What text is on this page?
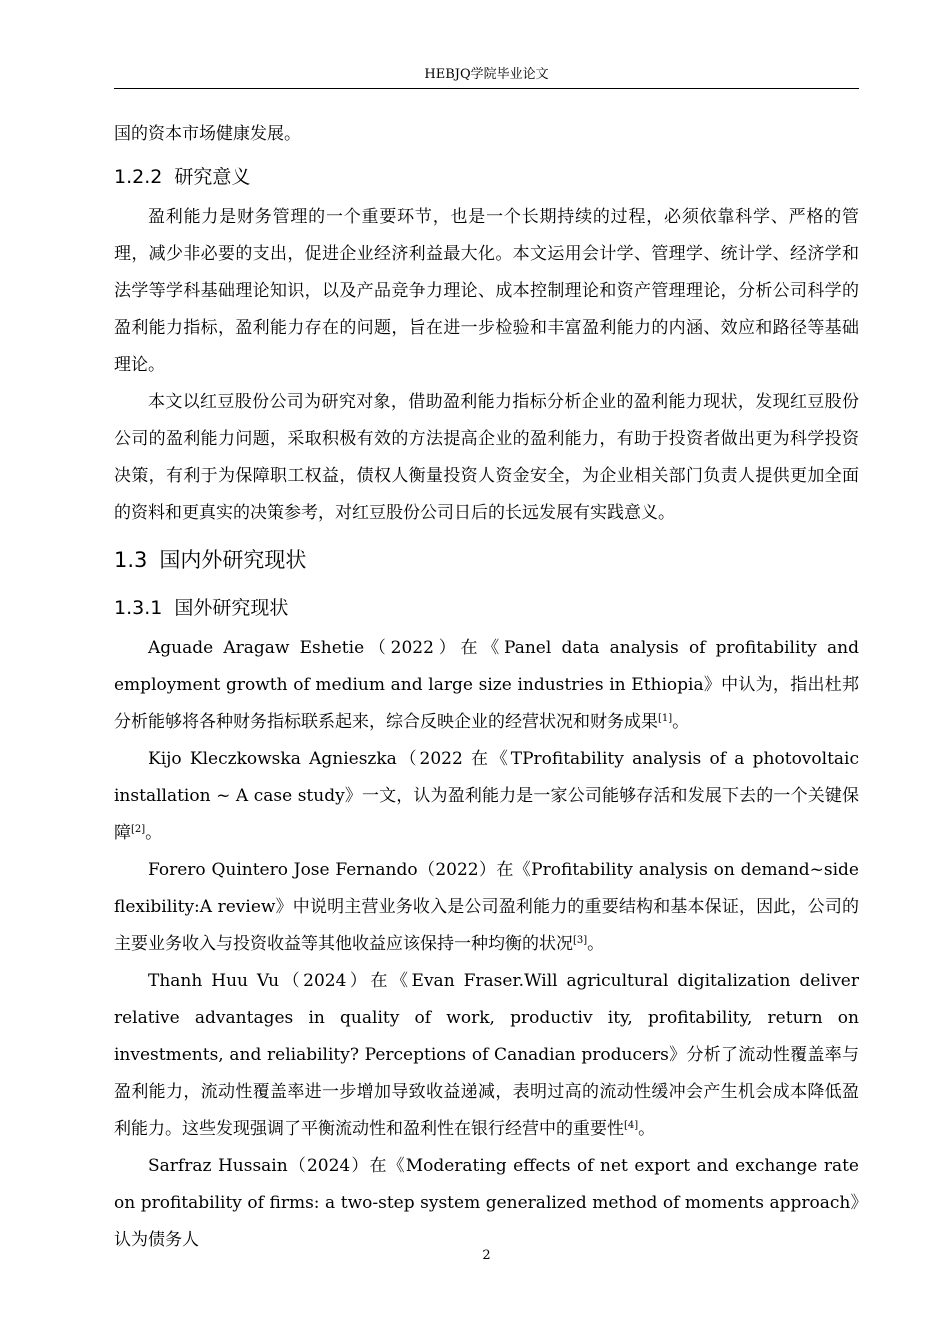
HEBJQ学院毕业论文

国的资本市场健康发展。

1.2.2 研究意义

盈利能力是财务管理的一个重要环节，也是一个长期持续的过程，必须依靠科学、严格的管理，减少非必要的支出，促进企业经济利益最大化。本文运用会计学、管理学、统计学、经济学和法学等学科基础理论知识，以及产品竞争力理论、成本控制理论和资产管理理论，分析公司科学的盈利能力指标，盈利能力存在的问题，旨在进一步检验和丰富盈利能力的内涵、效应和路径等基础理论。

本文以红豆股份公司为研究对象，借助盈利能力指标分析企业的盈利能力现状，发现红豆股份公司的盈利能力问题，采取积极有效的方法提高企业的盈利能力，有助于投资者做出更为科学投资决策，有利于为保障职工权益，债权人衡量投资人资金安全，为企业相关部门负责人提供更加全面的资料和更真实的决策参考，对红豆股份公司日后的长远发展有实践意义。

1.3 国内外研究现状
1.3.1 国外研究现状

Aguade Aragaw Eshetie（2022）在《Panel data analysis of profitability and employment growth of medium and large size industries in Ethiopia》中认为，指出杜邦分析能够将各种财务指标联系起来，综合反映企业的经营状况和财务成果[1]。

Kijo Kleczkowska Agnieszka（2022 在《TProfitability analysis of a photovoltaic installation ~ A case study》一文，认为盈利能力是一家公司能够存活和发展下去的一个关键保障[2]。

Forero Quintero Jose Fernando（2022）在《Profitability analysis on demand~side flexibility:A review》中说明主营业务收入是公司盈利能力的重要结构和基本保证，因此，公司的主要业务收入与投资收益等其他收益应该保持一种均衡的状况[3]。

Thanh Huu Vu（2024）在《Evan Fraser.Will agricultural digitalization deliver relative advantages in quality of work, productiv ity, profitability, return on investments, and reliability? Perceptions of Canadian producers》分析了流动性覆盖率与盈利能力，流动性覆盖率进一步增加导致收益递减，表明过高的流动性缓冲会产生机会成本降低盈利能力。这些发现强调了平衡流动性和盈利性在银行经营中的重要性[4]。

Sarfraz Hussain（2024）在《Moderating effects of net export and exchange rate on profitability of firms: a two-step system generalized method of moments approach》认为债务人

2
